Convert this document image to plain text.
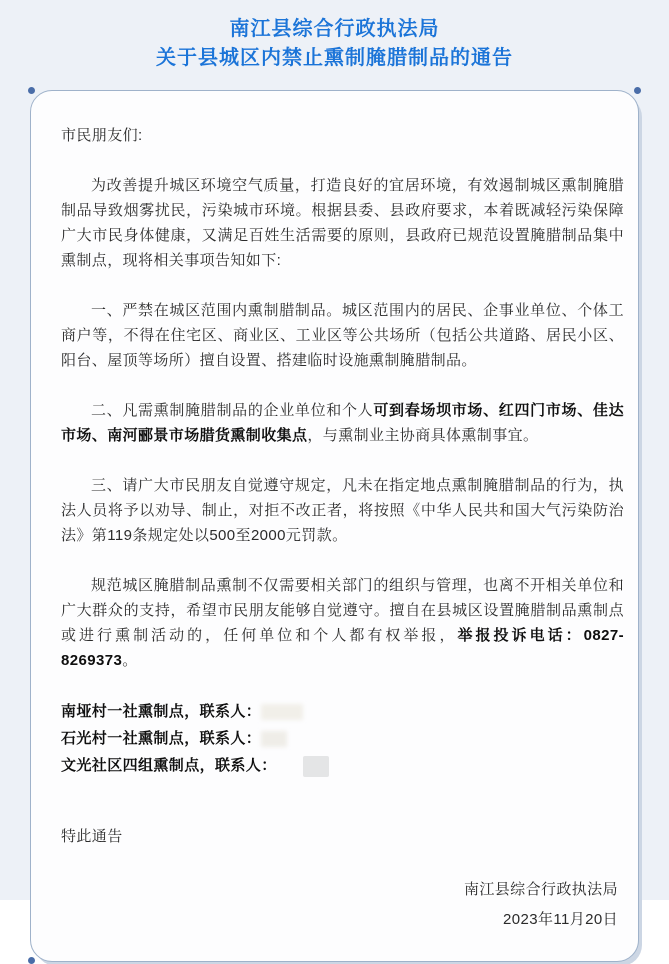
南江县综合行政执法局
关于县城区内禁止熏制腌腊制品的通告

市民朋友们:

为改善提升城区环境空气质量，打造良好的宜居环境，有效遏制城区熏制腌腊制品导致烟雾扰民，污染城市环境。根据县委、县政府要求，本着既减轻污染保障广大市民身体健康，又满足百姓生活需要的原则，县政府已规范设置腌腊制品集中熏制点，现将相关事项告知如下:

一、严禁在城区范围内熏制腊制品。城区范围内的居民、企事业单位、个体工商户等，不得在住宅区、商业区、工业区等公共场所（包括公共道路、居民小区、阳台、屋顶等场所）擅自设置、搭建临时设施熏制腌腊制品。

二、凡需熏制腌腊制品的企业单位和个人可到春场坝市场、红四门市场、佳达市场、南河郦景市场腊货熏制收集点，与熏制业主协商具体熏制事宜。

三、请广大市民朋友自觉遵守规定，凡未在指定地点熏制腌腊制品的行为，执法人员将予以劝导、制止，对拒不改正者，将按照《中华人民共和国大气污染防治法》第119条规定处以500至2000元罚款。

规范城区腌腊制品熏制不仅需要相关部门的组织与管理，也离不开相关单位和广大群众的支持，希望市民朋友能够自觉遵守。擅自在县城区设置腌腊制品熏制点或进行熏制活动的，任何单位和个人都有权举报，举报投诉电话：0827-8269373。

南垭村一社熏制点，联系人：

石光村一社熏制点，联系人：

文光社区四组熏制点，联系人：

特此通告

南江县综合行政执法局

2023年11月20日
